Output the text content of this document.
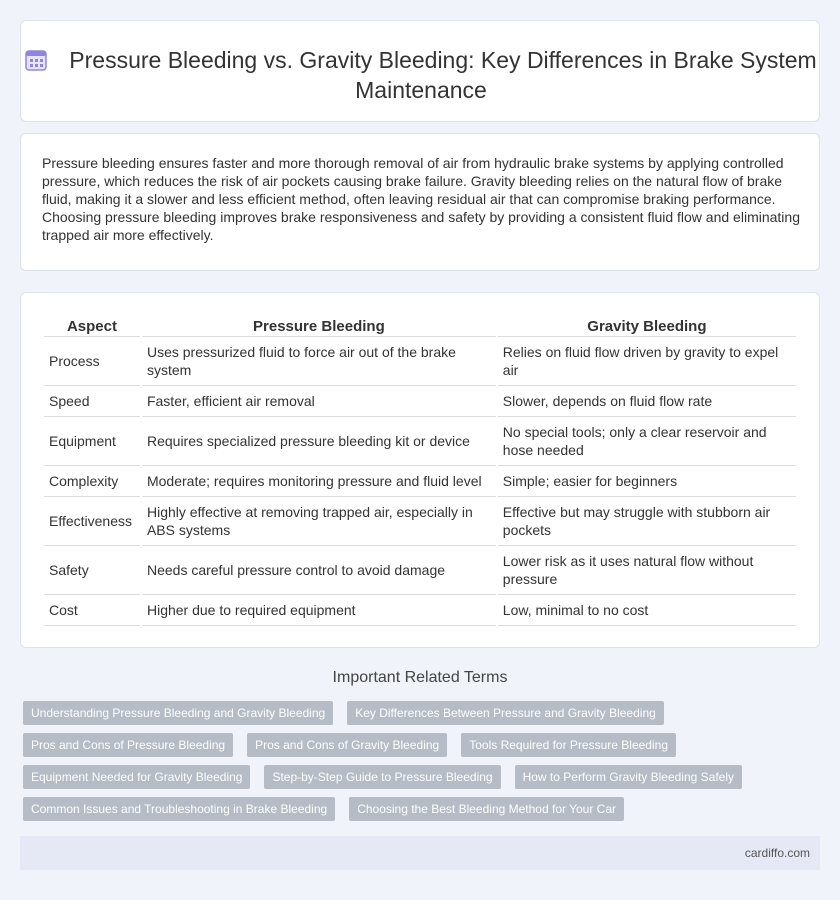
Pressure Bleeding vs. Gravity Bleeding: Key Differences in Brake System Maintenance

Pressure bleeding ensures faster and more thorough removal of air from hydraulic brake systems by applying controlled pressure, which reduces the risk of air pockets causing brake failure. Gravity bleeding relies on the natural flow of brake fluid, making it a slower and less efficient method, often leaving residual air that can compromise braking performance. Choosing pressure bleeding improves brake responsiveness and safety by providing a consistent fluid flow and eliminating trapped air more effectively.

Aspect	Pressure Bleeding	Gravity Bleeding
Process	Uses pressurized fluid to force air out of the brake system	Relies on fluid flow driven by gravity to expel air
Speed	Faster, efficient air removal	Slower, depends on fluid flow rate
Equipment	Requires specialized pressure bleeding kit or device	No special tools; only a clear reservoir and hose needed
Complexity	Moderate; requires monitoring pressure and fluid level	Simple; easier for beginners
Effectiveness	Highly effective at removing trapped air, especially in ABS systems	Effective but may struggle with stubborn air pockets
Safety	Needs careful pressure control to avoid damage	Lower risk as it uses natural flow without pressure
Cost	Higher due to required equipment	Low, minimal to no cost
Important Related Terms
Understanding Pressure Bleeding and Gravity Bleeding	Key Differences Between Pressure and Gravity Bleeding
Pros and Cons of Pressure Bleeding	Pros and Cons of Gravity Bleeding	Tools Required for Pressure Bleeding
Equipment Needed for Gravity Bleeding	Step-by-Step Guide to Pressure Bleeding	How to Perform Gravity Bleeding Safely
Common Issues and Troubleshooting in Brake Bleeding	Choosing the Best Bleeding Method for Your Car
cardiffo.com
